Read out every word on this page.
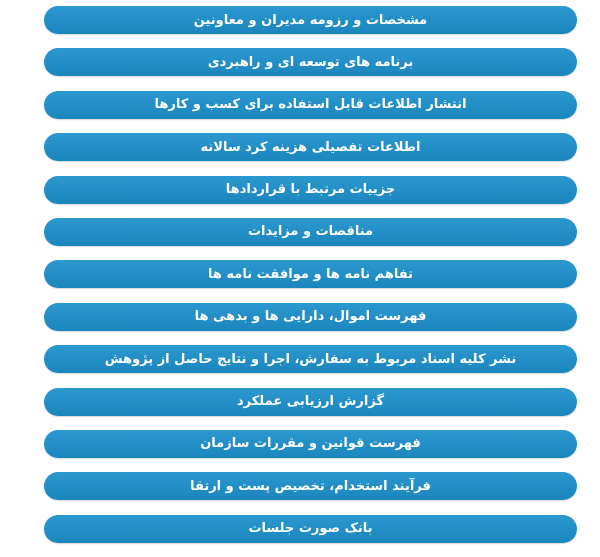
مشخصات و رزومه مدیران و معاونین
برنامه های توسعه ای و راهبردی
انتشار اطلاعات قابل استفاده برای کسب و کارها
اطلاعات تفصیلی هزینه کرد سالانه
جزییات مرتبط با قراردادها
مناقصات و مزایدات
تفاهم نامه ها و موافقت نامه ها
فهرست اموال، دارایی ها و بدهی ها
نشر کلیه اسناد مربوط به سفارش، اجرا و نتایج حاصل از پژوهش
گزارش ارزیابی عملکرد
فهرست قوانین و مقررات سازمان
فرآیند استخدام، تخصیص پست و ارتقا
بانک صورت جلسات
